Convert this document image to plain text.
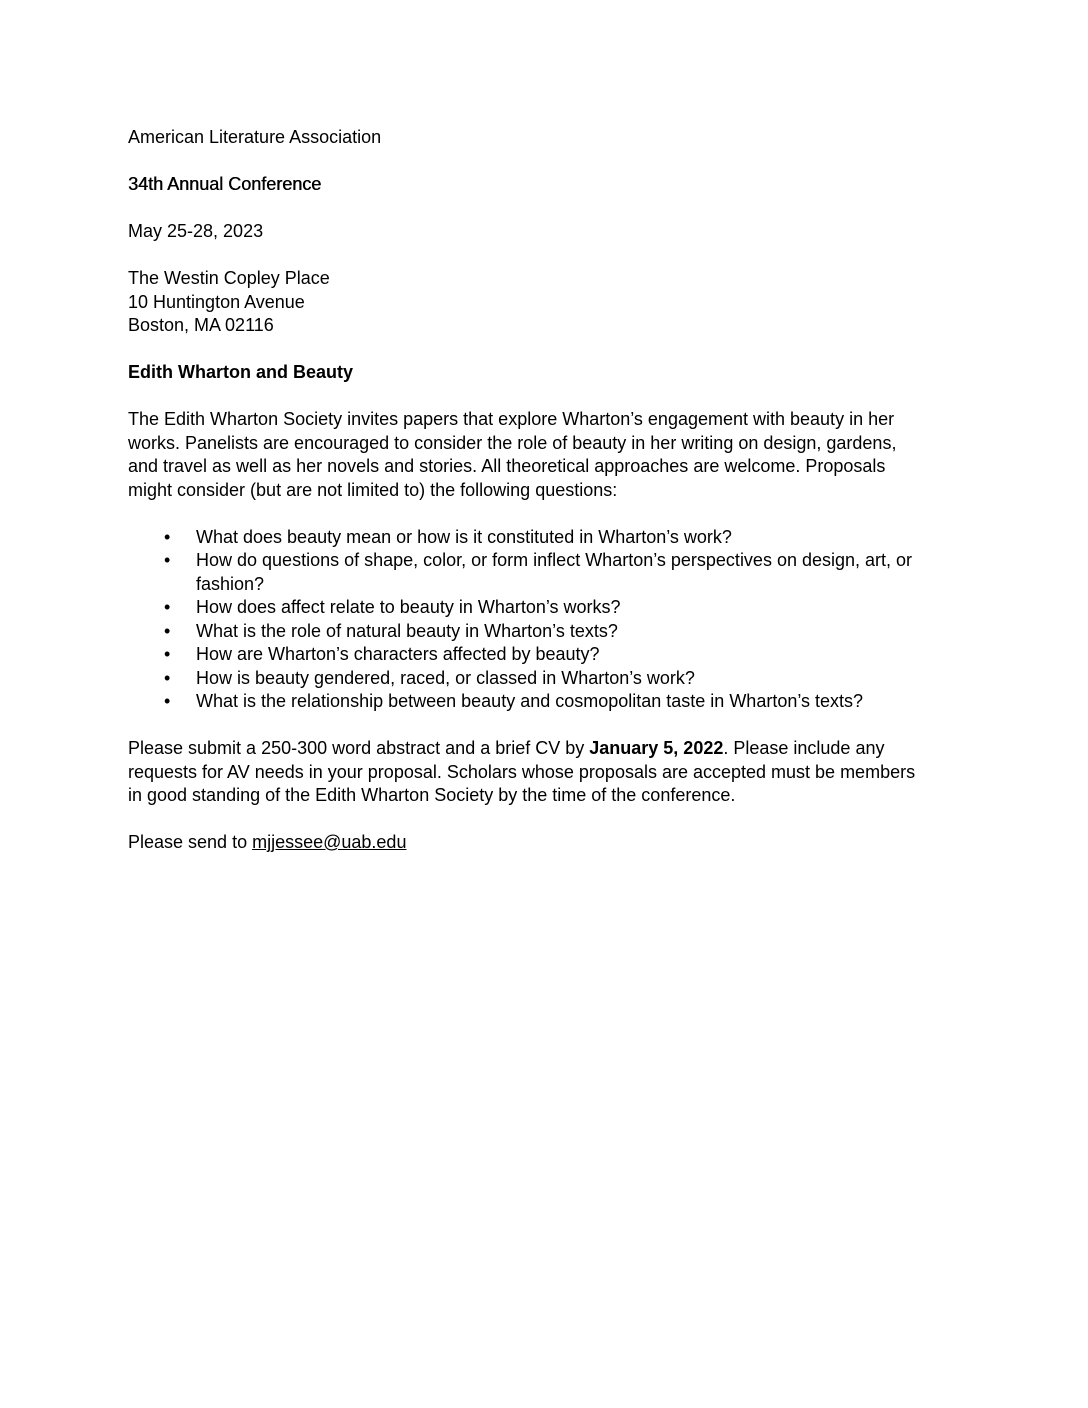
American Literature Association

34th Annual Conference

May 25-28, 2023

The Westin Copley Place
10 Huntington Avenue
Boston, MA 02116

Edith Wharton and Beauty

The Edith Wharton Society invites papers that explore Wharton’s engagement with beauty in her
works. Panelists are encouraged to consider the role of beauty in her writing on design, gardens,
and travel as well as her novels and stories. All theoretical approaches are welcome. Proposals
might consider (but are not limited to) the following questions:
• What does beauty mean or how is it constituted in Wharton’s work?
• How do questions of shape, color, or form inflect Wharton’s perspectives on design, art, or fashion?
• How does affect relate to beauty in Wharton’s works?
• What is the role of natural beauty in Wharton’s texts?
• How are Wharton’s characters affected by beauty?
• How is beauty gendered, raced, or classed in Wharton’s work?
• What is the relationship between beauty and cosmopolitan taste in Wharton’s texts?
Please submit a 250-300 word abstract and a brief CV by January 5, 2022. Please include any
requests for AV needs in your proposal. Scholars whose proposals are accepted must be members
in good standing of the Edith Wharton Society by the time of the conference.

Please send to mjjessee@uab.edu
